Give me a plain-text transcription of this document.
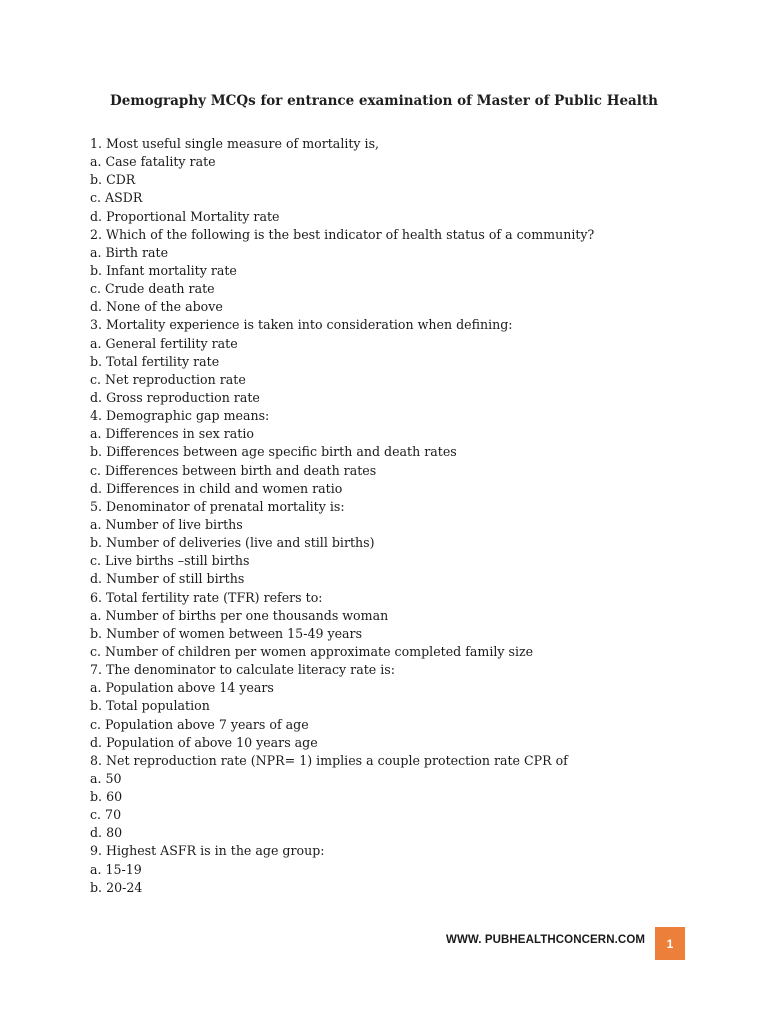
Demography MCQs for entrance examination of Master of Public Health
1. Most useful single measure of mortality is,
a. Case fatality rate
b. CDR
c. ASDR
d. Proportional Mortality rate
2. Which of the following is the best indicator of health status of a community?
a. Birth rate
b. Infant mortality rate
c. Crude death rate
d. None of the above
3. Mortality experience is taken into consideration when defining:
a. General fertility rate
b. Total fertility rate
c. Net reproduction rate
d. Gross reproduction rate
4. Demographic gap means:
a. Differences in sex ratio
b. Differences between age specific birth and death rates
c. Differences between birth and death rates
d. Differences in child and women ratio
5. Denominator of prenatal mortality is:
a. Number of live births
b. Number of deliveries (live and still births)
c. Live births –still births
d. Number of still births
6. Total fertility rate (TFR) refers to:
a. Number of births per one thousands woman
b. Number of women between 15-49 years
c. Number of children per women approximate completed family size
7. The denominator to calculate literacy rate is:
a. Population above 14 years
b. Total population
c. Population above 7 years of age
d. Population of above 10 years age
8. Net reproduction rate (NPR= 1) implies a couple protection rate CPR of
a. 50
b. 60
c. 70
d. 80
9. Highest ASFR is in the age group:
a. 15-19
b. 20-24
WWW. PUBHEALTHCONCERN.COM	1
